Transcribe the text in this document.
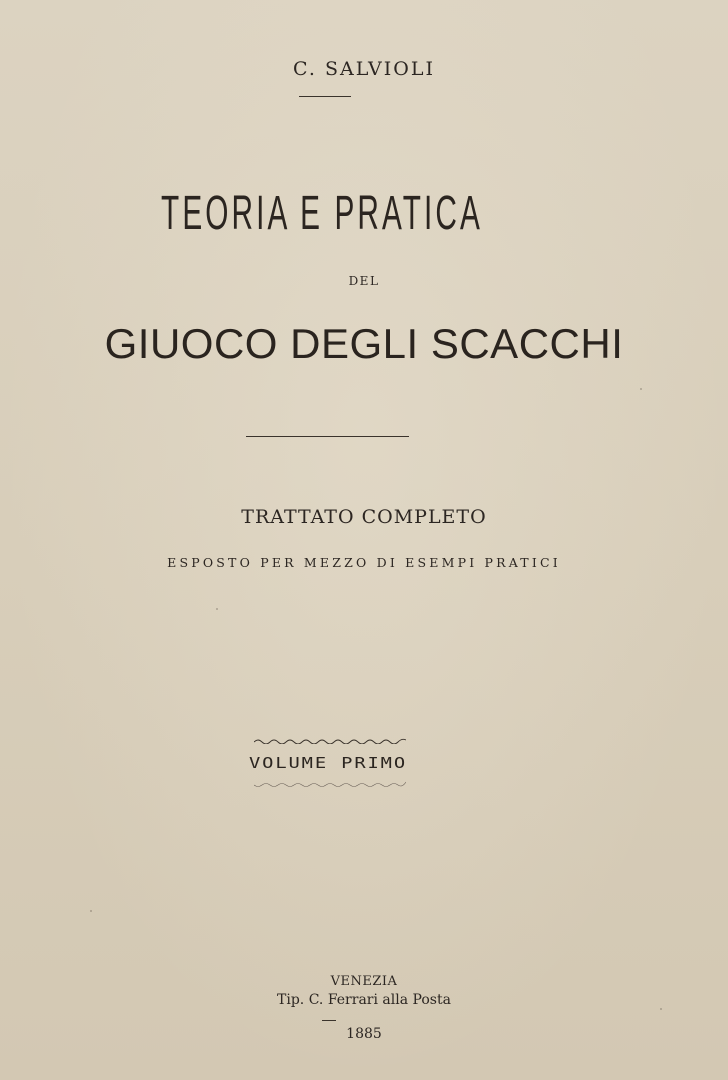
C. SALVIOLI
TEORIA E PRATICA
DEL
GIUOCO DEGLI SCACCHI
TRATTATO COMPLETO
ESPOSTO PER MEZZO DI ESEMPI PRATICI
VOLUME PRIMO
VENEZIA
Tip. C. Ferrari alla Posta
1885
